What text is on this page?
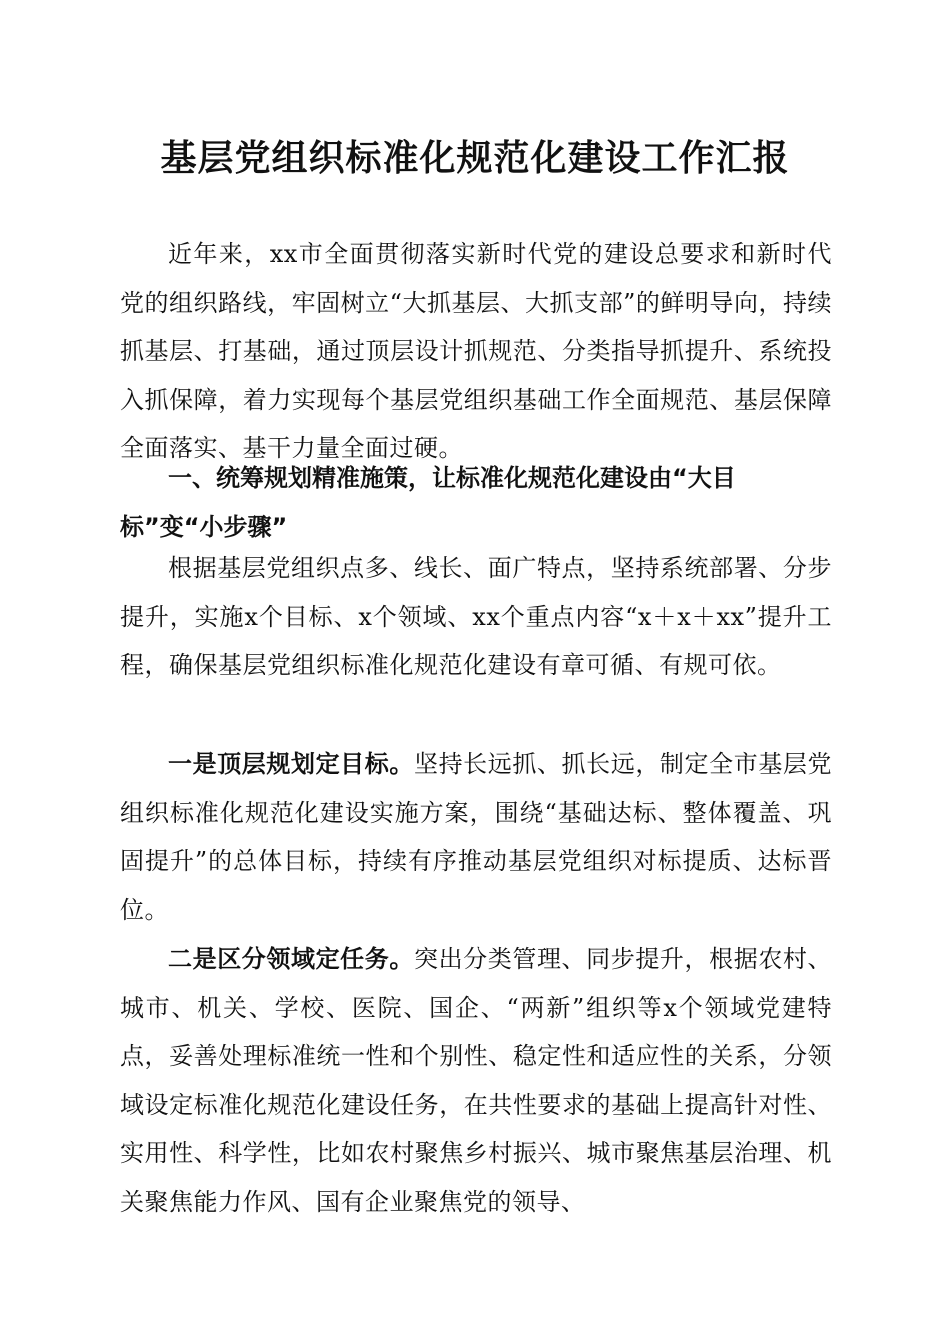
基层党组织标准化规范化建设工作汇报

近年来，xx市全面贯彻落实新时代党的建设总要求和新时代党的组织路线，牢固树立“大抓基层、大抓支部”的鲜明导向，持续抓基层、打基础，通过顶层设计抓规范、分类指导抓提升、系统投入抓保障，着力实现每个基层党组织基础工作全面规范、基层保障全面落实、基干力量全面过硬。

一、统筹规划精准施策，让标准化规范化建设由“大目标”变“小步骤”

根据基层党组织点多、线长、面广特点，坚持系统部署、分步提升，实施x个目标、x个领域、xx个重点内容“x＋x＋xx”提升工程，确保基层党组织标准化规范化建设有章可循、有规可依。

一是顶层规划定目标。坚持长远抓、抓长远，制定全市基层党组织标准化规范化建设实施方案，围绕“基础达标、整体覆盖、巩固提升”的总体目标，持续有序推动基层党组织对标提质、达标晋位。

二是区分领域定任务。突出分类管理、同步提升，根据农村、城市、机关、学校、医院、国企、“两新”组织等x个领域党建特点，妥善处理标准统一性和个别性、稳定性和适应性的关系，分领域设定标准化规范化建设任务，在共性要求的基础上提高针对性、实用性、科学性，比如农村聚焦乡村振兴、城市聚焦基层治理、机关聚焦能力作风、国有企业聚焦党的领导、
